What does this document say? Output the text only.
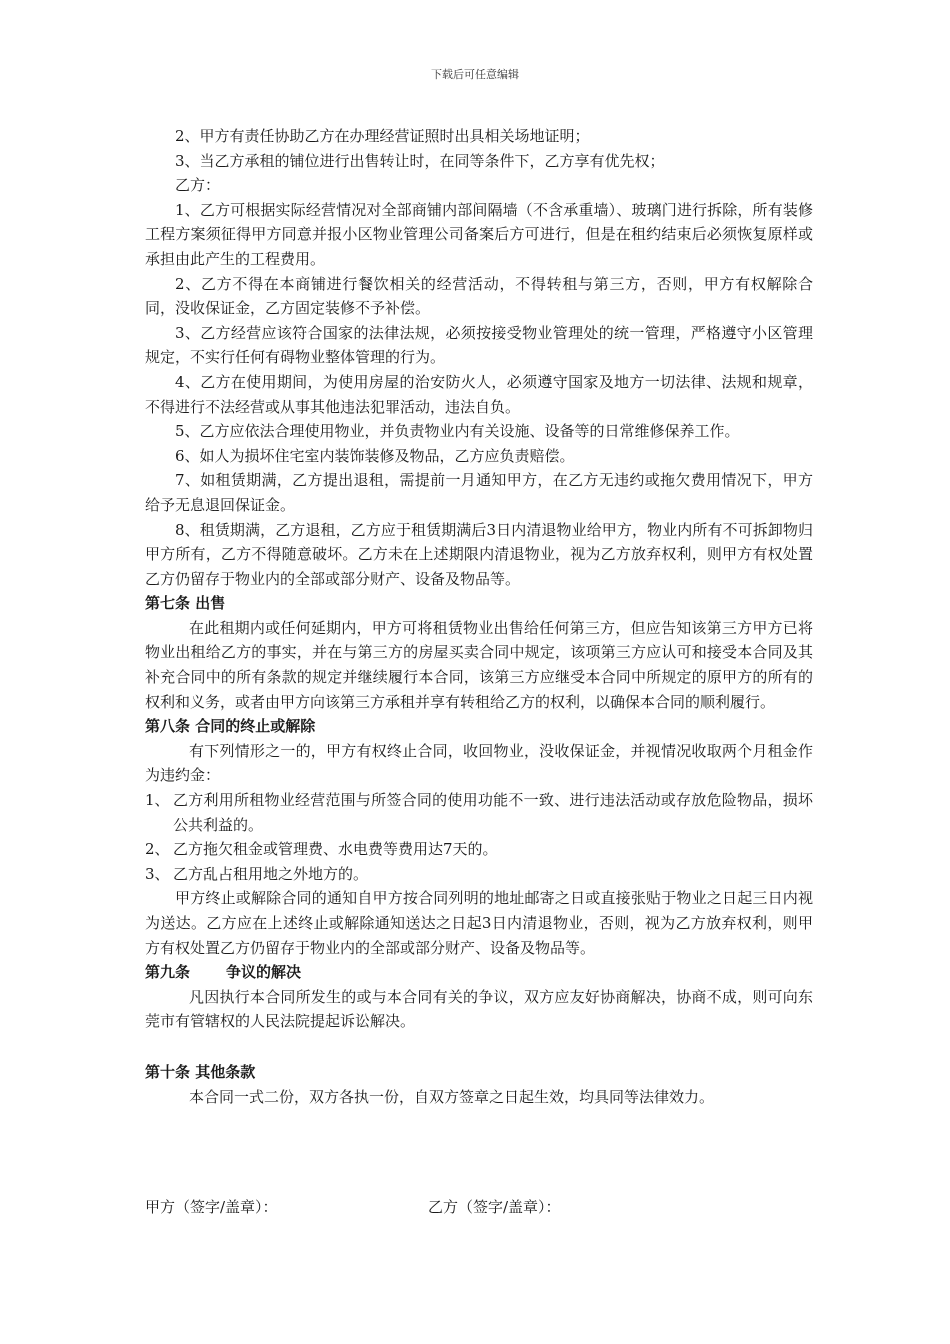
下载后可任意编辑

2、甲方有责任协助乙方在办理经营证照时出具相关场地证明；

3、当乙方承租的铺位进行出售转让时，在同等条件下，乙方享有优先权；

乙方：

1、乙方可根据实际经营情况对全部商铺内部间隔墙（不含承重墙）、玻璃门进行拆除，所有装修工程方案须征得甲方同意并报小区物业管理公司备案后方可进行，但是在租约结束后必须恢复原样或承担由此产生的工程费用。

2、乙方不得在本商铺进行餐饮相关的经营活动，不得转租与第三方，否则，甲方有权解除合同，没收保证金，乙方固定装修不予补偿。

3、乙方经营应该符合国家的法律法规，必须按接受物业管理处的统一管理，严格遵守小区管理规定，不实行任何有碍物业整体管理的行为。

4、乙方在使用期间，为使用房屋的治安防火人，必须遵守国家及地方一切法律、法规和规章，不得进行不法经营或从事其他违法犯罪活动，违法自负。

5、乙方应依法合理使用物业，并负责物业内有关设施、设备等的日常维修保养工作。

6、如人为损坏住宅室内装饰装修及物品，乙方应负责赔偿。

7、如租赁期满，乙方提出退租，需提前一月通知甲方，在乙方无违约或拖欠费用情况下，甲方给予无息退回保证金。

8、租赁期满，乙方退租，乙方应于租赁期满后3日内清退物业给甲方，物业内所有不可拆卸物归甲方所有，乙方不得随意破坏。乙方未在上述期限内清退物业，视为乙方放弃权利，则甲方有权处置乙方仍留存于物业内的全部或部分财产、设备及物品等。

第七条 出售

在此租期内或任何延期内，甲方可将租赁物业出售给任何第三方，但应告知该第三方甲方已将物业出租给乙方的事实，并在与第三方的房屋买卖合同中规定，该项第三方应认可和接受本合同及其补充合同中的所有条款的规定并继续履行本合同，该第三方应继受本合同中所规定的原甲方的所有的权利和义务，或者由甲方向该第三方承租并享有转租给乙方的权利，以确保本合同的顺利履行。

第八条 合同的终止或解除

有下列情形之一的，甲方有权终止合同，收回物业，没收保证金，并视情况收取两个月租金作为违约金：

1、 乙方利用所租物业经营范围与所签合同的使用功能不一致、进行违法活动或存放危险物品，损坏公共利益的。
2、 乙方拖欠租金或管理费、水电费等费用达7天的。
3、 乙方乱占租用地之外地方的。

甲方终止或解除合同的通知自甲方按合同列明的地址邮寄之日或直接张贴于物业之日起三日内视为送达。乙方应在上述终止或解除通知送达之日起3日内清退物业，否则，视为乙方放弃权利，则甲方有权处置乙方仍留存于物业内的全部或部分财产、设备及物品等。

第九条 争议的解决

凡因执行本合同所发生的或与本合同有关的争议，双方应友好协商解决，协商不成，则可向东莞市有管辖权的人民法院提起诉讼解决。

第十条 其他条款

本合同一式二份，双方各执一份，自双方签章之日起生效，均具同等法律效力。

甲方（签字/盖章）：	乙方（签字/盖章）：
